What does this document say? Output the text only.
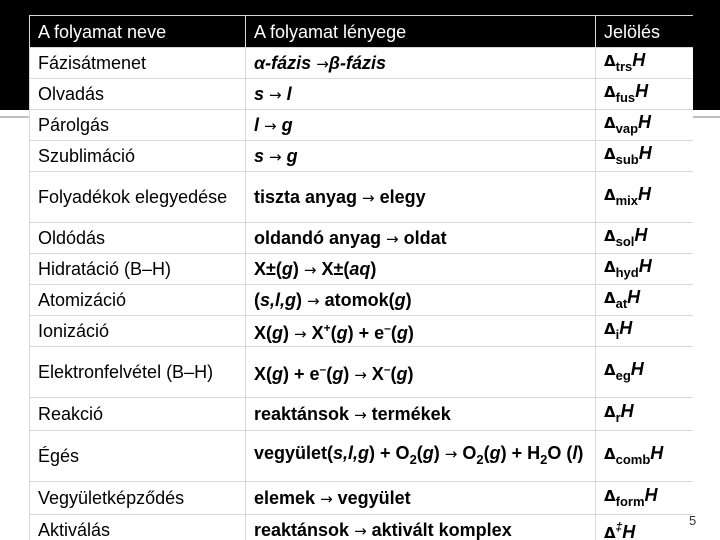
A folyamat neve	A folyamat lényege	Jelölés
Fázisátmenet	α-fázis →β-fázis	$\Delta_{trs}H$
Olvadás	s → l	$\Delta_{fus}H$
Párolgás	l → g	$\Delta_{vap}H$
Szublimáció	s → g	$\Delta_{sub}H$
Folyadékok elegyedése	tiszta anyag → elegy	$\Delta_{mix}H$
Oldódás	oldandó anyag → oldat	$\Delta_{sol}H$
Hidratáció (B–H)	X±(g) → X±(aq)	$\Delta_{hyd}H$
Atomizáció	(s,l,g) → atomok(g)	$\Delta_{at}H$
Ionizáció	X(g) → X+(g) + e–(g)	$\Delta_iH$
Elektronfelvétel (B–H)	X(g) + e–(g) → X–(g)	$\Delta_{eg}H$
Reakció	reaktánsok → termékek	$\Delta_rH$
Égés	vegyület(s,l,g) + $O_2(g) \to O_2(g) + H_2O$ (l)	$\Delta_{comb}H$
Vegyületképződés	elemek → vegyület	$\Delta_{form}H$
Aktiválás	reaktánsok → aktivált komplex	Δ‡H
5
